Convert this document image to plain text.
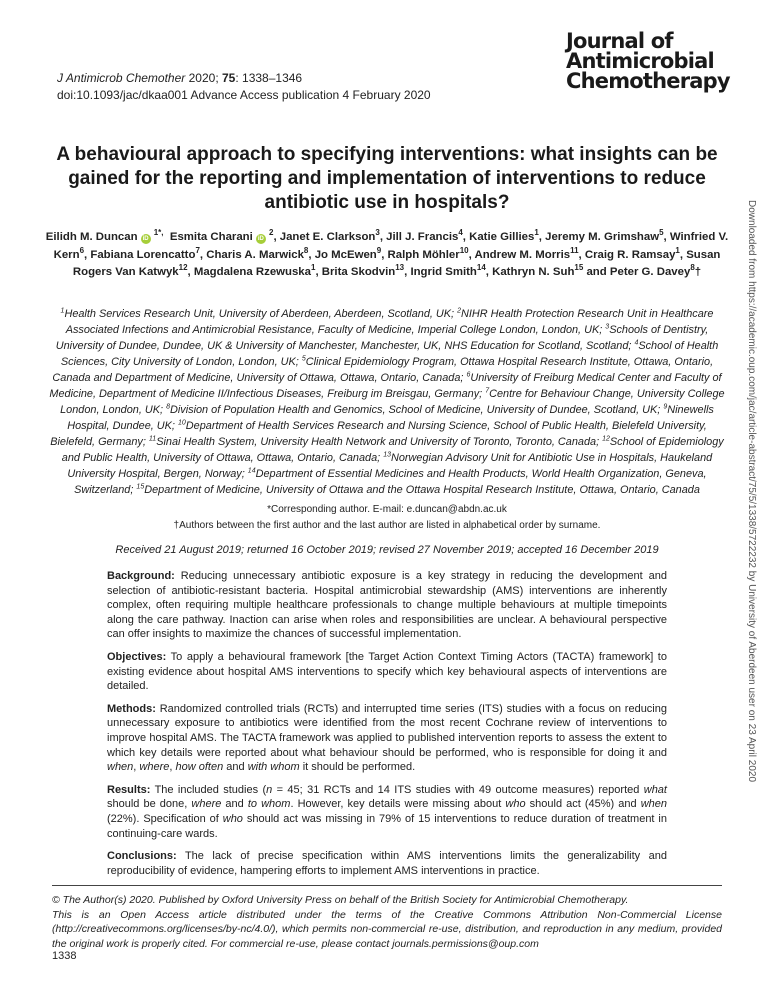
J Antimicrob Chemother 2020; 75: 1338–1346
doi:10.1093/jac/dkaa001 Advance Access publication 4 February 2020
Journal of
Antimicrobial
Chemotherapy
A behavioural approach to specifying interventions: what insights can be gained for the reporting and implementation of interventions to reduce antibiotic use in hospitals?
Eilidh M. Duncan iD $^{1*,}$ Esmita Charani iD $^2$, Janet E. Clarkson$^3$, Jill J. Francis$^4$, Katie Gillies$^1$, Jeremy M. Grimshaw$^5$, Winfried V. Kern$^6$, Fabiana Lorencatto$^7$, Charis A. Marwick$^8$, Jo McEwen$^9$, Ralph Möhler$^{10}$, Andrew M. Morris$^{11}$, Craig R. Ramsay$^1$, Susan Rogers Van Katwyk$^{12}$, Magdalena Rzewuska$^1$, Brita Skodvin$^{13}$, Ingrid Smith$^{14}$, Kathryn N. Suh$^{15}$ and Peter G. Davey$^8$†
$^1$Health Services Research Unit, University of Aberdeen, Aberdeen, Scotland, UK; $^2$NIHR Health Protection Research Unit in Healthcare Associated Infections and Antimicrobial Resistance, Faculty of Medicine, Imperial College London, London, UK; $^3$Schools of Dentistry, University of Dundee, Dundee, UK & University of Manchester, Manchester, UK, NHS Education for Scotland, Scotland; $^4$School of Health Sciences, City University of London, London, UK; $^5$Clinical Epidemiology Program, Ottawa Hospital Research Institute, Ottawa, Ontario, Canada and Department of Medicine, University of Ottawa, Ottawa, Ontario, Canada; $^6$University of Freiburg Medical Center and Faculty of Medicine, Department of Medicine II/Infectious Diseases, Freiburg im Breisgau, Germany; $^7$Centre for Behaviour Change, University College London, London, UK; $^8$Division of Population Health and Genomics, School of Medicine, University of Dundee, Scotland, UK; $^9$Ninewells Hospital, Dundee, UK; $^{10}$Department of Health Services Research and Nursing Science, School of Public Health, Bielefeld University, Bielefeld, Germany; $^{11}$Sinai Health System, University Health Network and University of Toronto, Toronto, Canada; $^{12}$School of Epidemiology and Public Health, University of Ottawa, Ottawa, Ontario, Canada; $^{13}$Norwegian Advisory Unit for Antibiotic Use in Hospitals, Haukeland University Hospital, Bergen, Norway; $^{14}$Department of Essential Medicines and Health Products, World Health Organization, Geneva, Switzerland; $^{15}$Department of Medicine, University of Ottawa and the Ottawa Hospital Research Institute, Ottawa, Ontario, Canada
*Corresponding author. E-mail: e.duncan@abdn.ac.uk
†Authors between the first author and the last author are listed in alphabetical order by surname.
Received 21 August 2019; returned 16 October 2019; revised 27 November 2019; accepted 16 December 2019

Background: Reducing unnecessary antibiotic exposure is a key strategy in reducing the development and selection of antibiotic-resistant bacteria. Hospital antimicrobial stewardship (AMS) interventions are inherently complex, often requiring multiple healthcare professionals to change multiple behaviours at multiple timepoints along the care pathway. Inaction can arise when roles and responsibilities are unclear. A behavioural perspective can offer insights to maximize the chances of successful implementation.

Objectives: To apply a behavioural framework [the Target Action Context Timing Actors (TACTA) framework] to existing evidence about hospital AMS interventions to specify which key behavioural aspects of interventions are detailed.

Methods: Randomized controlled trials (RCTs) and interrupted time series (ITS) studies with a focus on reducing unnecessary exposure to antibiotics were identified from the most recent Cochrane review of interventions to improve hospital AMS. The TACTA framework was applied to published intervention reports to assess the extent to which key details were reported about what behaviour should be performed, who is responsible for doing it and when, where, how often and with whom it should be performed.

Results: The included studies (n = 45; 31 RCTs and 14 ITS studies with 49 outcome measures) reported what should be done, where and to whom. However, key details were missing about who should act (45%) and when (22%). Specification of who should act was missing in 79% of 15 interventions to reduce duration of treatment in continuing-care wards.

Conclusions: The lack of precise specification within AMS interventions limits the generalizability and reproducibility of evidence, hampering efforts to implement AMS interventions in practice.

© The Author(s) 2020. Published by Oxford University Press on behalf of the British Society for Antimicrobial Chemotherapy.

This is an Open Access article distributed under the terms of the Creative Commons Attribution Non-Commercial License (http://creativecommons.org/licenses/by-nc/4.0/), which permits non-commercial re-use, distribution, and reproduction in any medium, provided the original work is properly cited. For commercial re-use, please contact journals.permissions@oup.com

1338
Downloaded from https://academic.oup.com/jac/article-abstract/75/5/1338/5722232 by University of Aberdeen user on 23 April 2020
